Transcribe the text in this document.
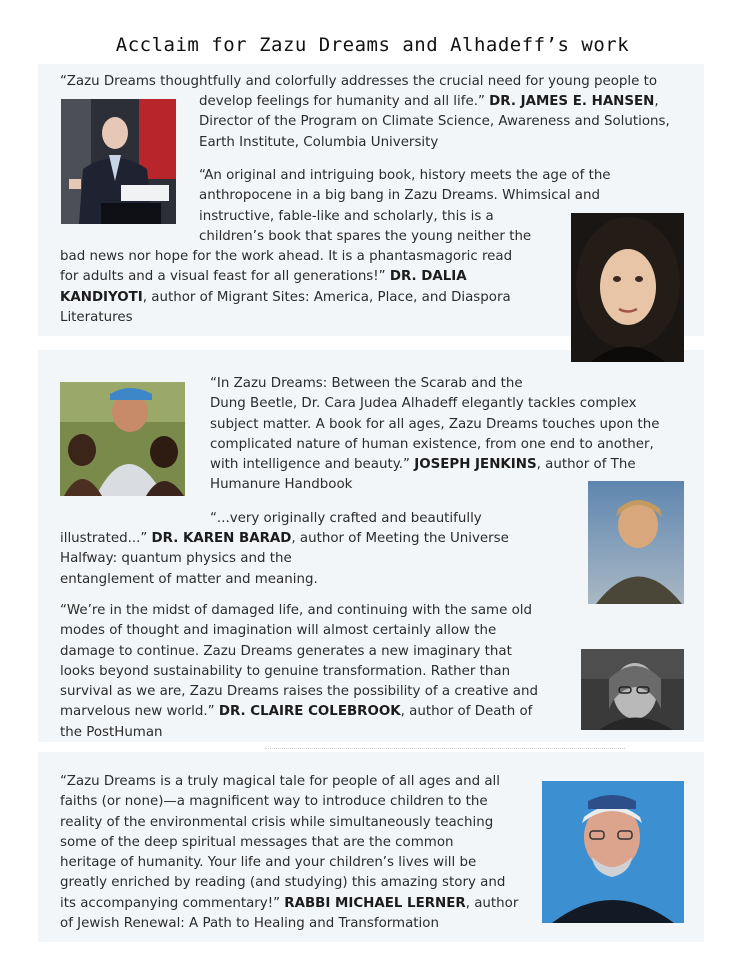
Acclaim for Zazu Dreams and Alhadeff’s work
“Zazu Dreams thoughtfully and colorfully addresses the crucial need for young people to
develop feelings for humanity and all life.” DR. JAMES E. HANSEN,
Director of the Program on Climate Science, Awareness and Solutions,
Earth Institute, Columbia University
“An original and intriguing book, history meets the age of the
anthropocene in a big bang in Zazu Dreams. Whimsical and
instructive, fable-like and scholarly, this is a
children’s book that spares the young neither the
bad news nor hope for the work ahead. It is a phantasmagoric read
for adults and a visual feast for all generations!” DR. DALIA
KANDIYOTI, author of Migrant Sites: America, Place, and Diaspora
Literatures
“In Zazu Dreams: Between the Scarab and the
Dung Beetle, Dr. Cara Judea Alhadeff elegantly tackles complex
subject matter. A book for all ages, Zazu Dreams touches upon the
complicated nature of human existence, from one end to another,
with intelligence and beauty.” JOSEPH JENKINS, author of The
Humanure Handbook
“...very originally crafted and beautifully
illustrated...” DR. KAREN BARAD, author of Meeting the Universe
Halfway: quantum physics and the
entanglement of matter and meaning.
“We’re in the midst of damaged life, and continuing with the same old
modes of thought and imagination will almost certainly allow the
damage to continue. Zazu Dreams generates a new imaginary that
looks beyond sustainability to genuine transformation. Rather than
survival as we are, Zazu Dreams raises the possibility of a creative and
marvelous new world.” DR. CLAIRE COLEBROOK, author of Death of
the PostHuman
“Zazu Dreams is a truly magical tale for people of all ages and all
faiths (or none)—a magnificent way to introduce children to the
reality of the environmental crisis while simultaneously teaching
some of the deep spiritual messages that are the common
heritage of humanity. Your life and your children’s lives will be
greatly enriched by reading (and studying) this amazing story and
its accompanying commentary!” RABBI MICHAEL LERNER, author
of Jewish Renewal: A Path to Healing and Transformation
